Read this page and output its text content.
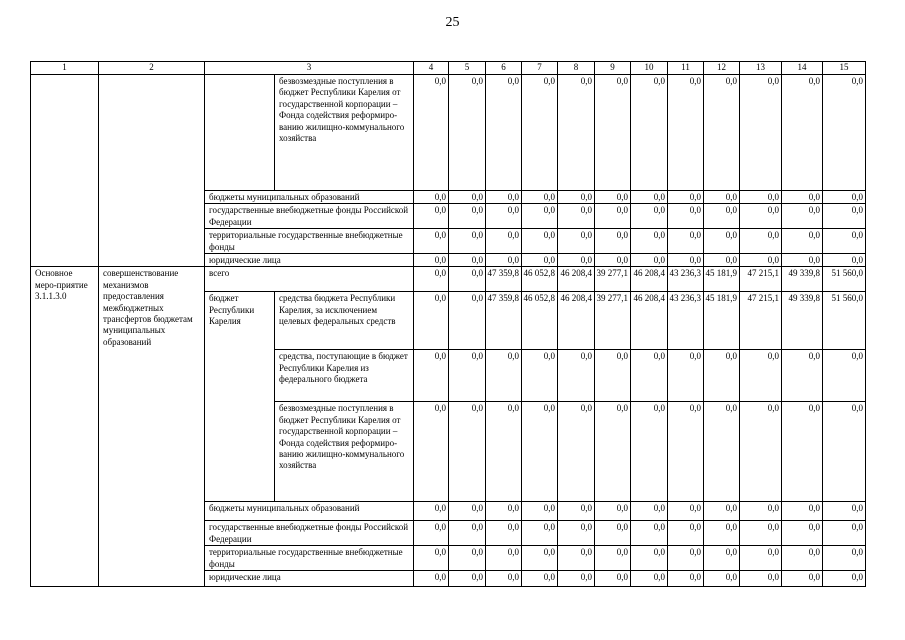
25
1	2	3		4	5	6	7	8	9	10	11	12	13	14	15
			безвозмездные поступления в бюджет Республики Карелия от государственной корпорации – Фонда содействия реформиро-ванию жилищно-коммунального хозяйства	0,0	0,0	0,0	0,0	0,0	0,0	0,0	0,0	0,0	0,0	0,0	0,0
		бюджеты муниципальных образований		0,0	0,0	0,0	0,0	0,0	0,0	0,0	0,0	0,0	0,0	0,0	0,0
		государственные внебюджетные фонды Российской Федерации		0,0	0,0	0,0	0,0	0,0	0,0	0,0	0,0	0,0	0,0	0,0	0,0
		территориальные государственные внебюджетные фонды		0,0	0,0	0,0	0,0	0,0	0,0	0,0	0,0	0,0	0,0	0,0	0,0
		юридические лица		0,0	0,0	0,0	0,0	0,0	0,0	0,0	0,0	0,0	0,0	0,0	0,0
Основное меро-приятие 3.1.1.3.0	совершенствование механизмов предоставления межбюджетных трансфертов бюджетам муниципальных образований	всего		0,0	0,0	47 359,8	46 052,8	46 208,4	39 277,1	46 208,4	43 236,3	45 181,9	47 215,1	49 339,8	51 560,0
		бюджет Республики Карелия	средства бюджета Республики Карелия, за исключением целевых федеральных средств	0,0	0,0	47 359,8	46 052,8	46 208,4	39 277,1	46 208,4	43 236,3	45 181,9	47 215,1	49 339,8	51 560,0
			средства, поступающие в бюджет Республики Карелия из федерального бюджета	0,0	0,0	0,0	0,0	0,0	0,0	0,0	0,0	0,0	0,0	0,0	0,0
			безвозмездные поступления в бюджет Республики Карелия от государственной корпорации – Фонда содействия реформиро-ванию жилищно-коммунального хозяйства	0,0	0,0	0,0	0,0	0,0	0,0	0,0	0,0	0,0	0,0	0,0	0,0
		бюджеты муниципальных образований		0,0	0,0	0,0	0,0	0,0	0,0	0,0	0,0	0,0	0,0	0,0	0,0
		государственные внебюджетные фонды Российской Федерации		0,0	0,0	0,0	0,0	0,0	0,0	0,0	0,0	0,0	0,0	0,0	0,0
		территориальные государственные внебюджетные фонды		0,0	0,0	0,0	0,0	0,0	0,0	0,0	0,0	0,0	0,0	0,0	0,0
		юридические лица		0,0	0,0	0,0	0,0	0,0	0,0	0,0	0,0	0,0	0,0	0,0	0,0
